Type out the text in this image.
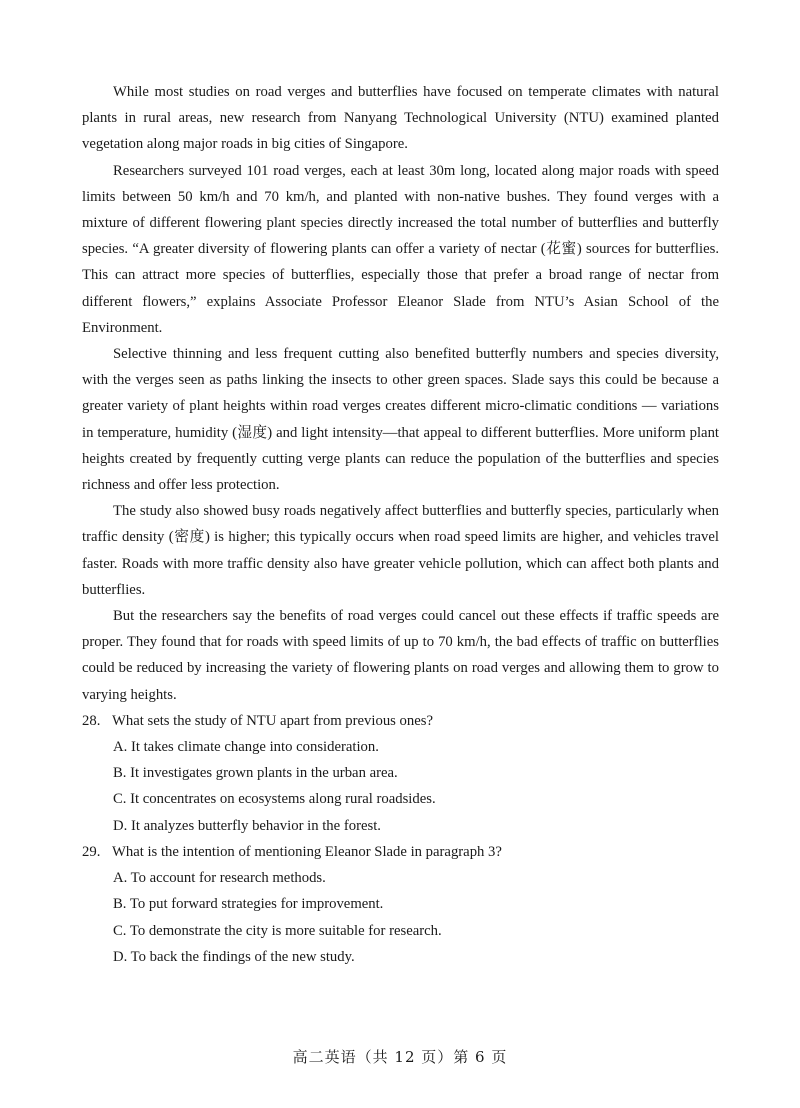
While most studies on road verges and butterflies have focused on temperate climates with natural plants in rural areas, new research from Nanyang Technological University (NTU) examined planted vegetation along major roads in big cities of Singapore.

Researchers surveyed 101 road verges, each at least 30m long, located along major roads with speed limits between 50 km/h and 70 km/h, and planted with non-native bushes. They found verges with a mixture of different flowering plant species directly increased the total number of butterflies and butterfly species. “A greater diversity of flowering plants can offer a variety of nectar (花蜜) sources for butterflies. This can attract more species of butterflies, especially those that prefer a broad range of nectar from different flowers,” explains Associate Professor Eleanor Slade from NTU’s Asian School of the Environment.

Selective thinning and less frequent cutting also benefited butterfly numbers and species diversity, with the verges seen as paths linking the insects to other green spaces. Slade says this could be because a greater variety of plant heights within road verges creates different micro-climatic conditions — variations in temperature, humidity (湿度) and light intensity—that appeal to different butterflies. More uniform plant heights created by frequently cutting verge plants can reduce the population of the butterflies and species richness and offer less protection.

The study also showed busy roads negatively affect butterflies and butterfly species, particularly when traffic density (密度) is higher; this typically occurs when road speed limits are higher, and vehicles travel faster. Roads with more traffic density also have greater vehicle pollution, which can affect both plants and butterflies.

But the researchers say the benefits of road verges could cancel out these effects if traffic speeds are proper. They found that for roads with speed limits of up to 70 km/h, the bad effects of traffic on butterflies could be reduced by increasing the variety of flowering plants on road verges and allowing them to grow to varying heights.

28. What sets the study of NTU apart from previous ones?

A. It takes climate change into consideration.

B. It investigates grown plants in the urban area.

C. It concentrates on ecosystems along rural roadsides.

D. It analyzes butterfly behavior in the forest.

29. What is the intention of mentioning Eleanor Slade in paragraph 3?

A. To account for research methods.

B. To put forward strategies for improvement.

C. To demonstrate the city is more suitable for research.

D. To back the findings of the new study.

高二英语（共 12 页）第 6 页
